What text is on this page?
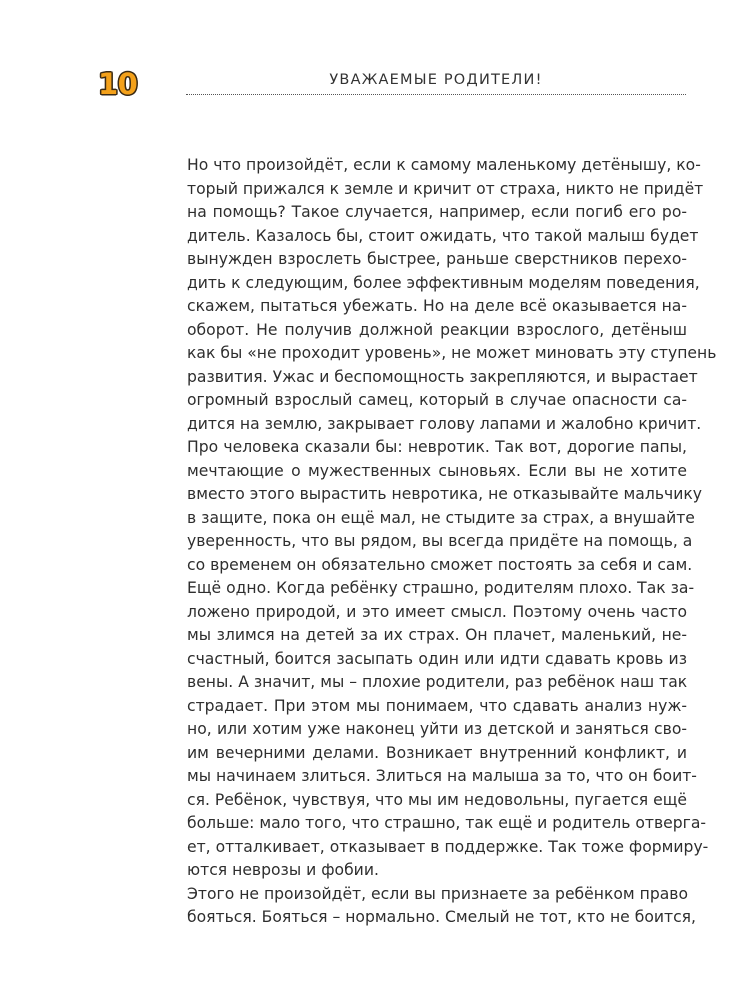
10	УВАЖАЕМЫЕ РОДИТЕЛИ!
Но что произойдёт, если к самому маленькому детёнышу, ко-
торый прижался к земле и кричит от страха, никто не придёт
на помощь? Такое случается, например, если погиб его ро-
дитель. Казалось бы, стоит ожидать, что такой малыш будет
вынужден взрослеть быстрее, раньше сверстников перехо-
дить к следующим, более эффективным моделям поведения,
скажем, пытаться убежать. Но на деле всё оказывается на-
оборот. Не получив должной реакции взрослого, детёныш
как бы «не проходит уровень», не может миновать эту ступень
развития. Ужас и беспомощность закрепляются, и вырастает
огромный взрослый самец, который в случае опасности са-
дится на землю, закрывает голову лапами и жалобно кричит.
Про человека сказали бы: невротик. Так вот, дорогие папы,
мечтающие о мужественных сыновьях. Если вы не хотите
вместо этого вырастить невротика, не отказывайте мальчику
в защите, пока он ещё мал, не стыдите за страх, а внушайте
уверенность, что вы рядом, вы всегда придёте на помощь, а
со временем он обязательно сможет постоять за себя и сам.
Ещё одно. Когда ребёнку страшно, родителям плохо. Так за-
ложено природой, и это имеет смысл. Поэтому очень часто
мы злимся на детей за их страх. Он плачет, маленький, не-
счастный, боится засыпать один или идти сдавать кровь из
вены. А значит, мы – плохие родители, раз ребёнок наш так
страдает. При этом мы понимаем, что сдавать анализ нуж-
но, или хотим уже наконец уйти из детской и заняться сво-
им вечерними делами. Возникает внутренний конфликт, и
мы начинаем злиться. Злиться на малыша за то, что он боит-
ся. Ребёнок, чувствуя, что мы им недовольны, пугается ещё
больше: мало того, что страшно, так ещё и родитель отверга-
ет, отталкивает, отказывает в поддержке. Так тоже формиру-
ются неврозы и фобии.
Этого не произойдёт, если вы признаете за ребёнком право
бояться. Бояться – нормально. Смелый не тот, кто не боится,
